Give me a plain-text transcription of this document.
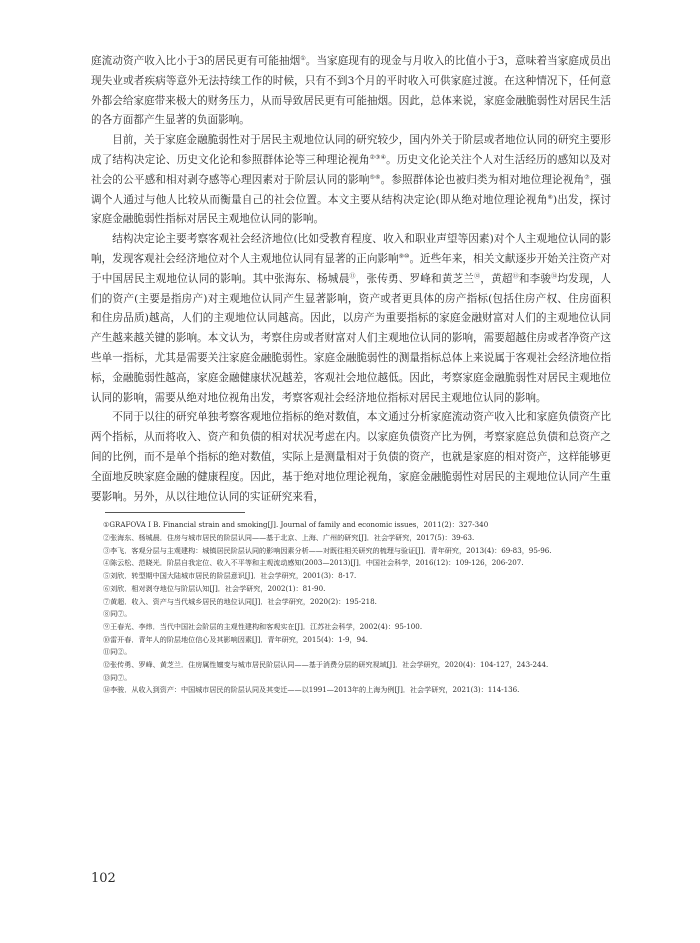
庭流动资产收入比小于3的居民更有可能抽烟①。当家庭现有的现金与月收入的比值小于3，意味着当家庭成员出现失业或者疾病等意外无法持续工作的时候，只有不到3个月的平时收入可供家庭过渡。在这种情况下，任何意外都会给家庭带来极大的财务压力，从而导致居民更有可能抽烟。因此，总体来说，家庭金融脆弱性对居民生活的各方面都产生显著的负面影响。

目前，关于家庭金融脆弱性对于居民主观地位认同的研究较少，国内外关于阶层或者地位认同的研究主要形成了结构决定论、历史文化论和参照群体论等三种理论视角②③④。历史文化论关注个人对生活经历的感知以及对社会的公平感和相对剥夺感等心理因素对于阶层认同的影响⑤⑥。参照群体论也被归类为相对地位理论视角⑦，强调个人通过与他人比较从而衡量自己的社会位置。本文主要从结构决定论(即从绝对地位理论视角⑧)出发，探讨家庭金融脆弱性指标对居民主观地位认同的影响。

结构决定论主要考察客观社会经济地位(比如受教育程度、收入和职业声望等因素)对个人主观地位认同的影响，发现客观社会经济地位对个人主观地位认同有显著的正向影响⑨⑩。近些年来，相关文献逐步开始关注资产对于中国居民主观地位认同的影响。其中张海东、杨城晨⑪，张传勇、罗峰和黄芝兰⑫，黄超⑬和李骏⑭均发现，人们的资产(主要是指房产)对主观地位认同产生显著影响，资产或者更具体的房产指标(包括住房产权、住房面积和住房品质)越高，人们的主观地位认同越高。因此，以房产为重要指标的家庭金融财富对人们的主观地位认同产生越来越关键的影响。本文认为，考察住房或者财富对人们主观地位认同的影响，需要超越住房或者净资产这些单一指标，尤其是需要关注家庭金融脆弱性。家庭金融脆弱性的测量指标总体上来说属于客观社会经济地位指标，金融脆弱性越高，家庭金融健康状况越差，客观社会地位越低。因此，考察家庭金融脆弱性对居民主观地位认同的影响，需要从绝对地位视角出发，考察客观社会经济地位指标对居民主观地位认同的影响。

不同于以往的研究单独考察客观地位指标的绝对数值，本文通过分析家庭流动资产收入比和家庭负债资产比两个指标，从而将收入、资产和负债的相对状况考虑在内。以家庭负债资产比为例，考察家庭总负债和总资产之间的比例，而不是单个指标的绝对数值，实际上是测量相对于负债的资产，也就是家庭的相对资产，这样能够更全面地反映家庭金融的健康程度。因此，基于绝对地位理论视角，家庭金融脆弱性对居民的主观地位认同产生重要影响。另外，从以往地位认同的实证研究来看，

①GRAFOVA I B. Financial strain and smoking[J]. Journal of family and economic issues，2011(2)：327-340

②张海东、杨城晨．住房与城市居民的阶层认同——基于北京、上海、广州的研究[J]．社会学研究，2017(5)：39-63.

③李飞．客观分层与主观建构：城镇居民阶层认同的影响因素分析——对既往相关研究的梳理与验证[J]．青年研究，2013(4)：69-83，95-96.

④陈云松、范晓光．阶层自我定位、收入不平等和主观流动感知(2003—2013)[J]．中国社会科学，2016(12)：109-126，206-207.

⑤刘欣．转型期中国大陆城市居民的阶层意识[J]．社会学研究，2001(3)：8-17.

⑥刘欣．相对剥夺地位与阶层认知[J]．社会学研究，2002(1)：81-90.

⑦黄超．收入、资产与当代城乡居民的地位认同[J]．社会学研究，2020(2)：195-218.

⑧同⑦。

⑨王春光、李炜．当代中国社会阶层的主观性建构和客观实在[J]．江苏社会科学，2002(4)：95-100.

⑩雷开春．青年人的阶层地位信心及其影响因素[J]．青年研究，2015(4)：1-9，94.

⑪同②。

⑫张传勇、罗峰、黄芝兰．住房属性嬗变与城市居民阶层认同——基于消费分层的研究视域[J]．社会学研究，2020(4)：104-127，243-244.

⑬同⑦。

⑭李骏．从收入到资产：中国城市居民的阶层认同及其变迁——以1991—2013年的上海为例[J]．社会学研究，2021(3)：114-136.

102
